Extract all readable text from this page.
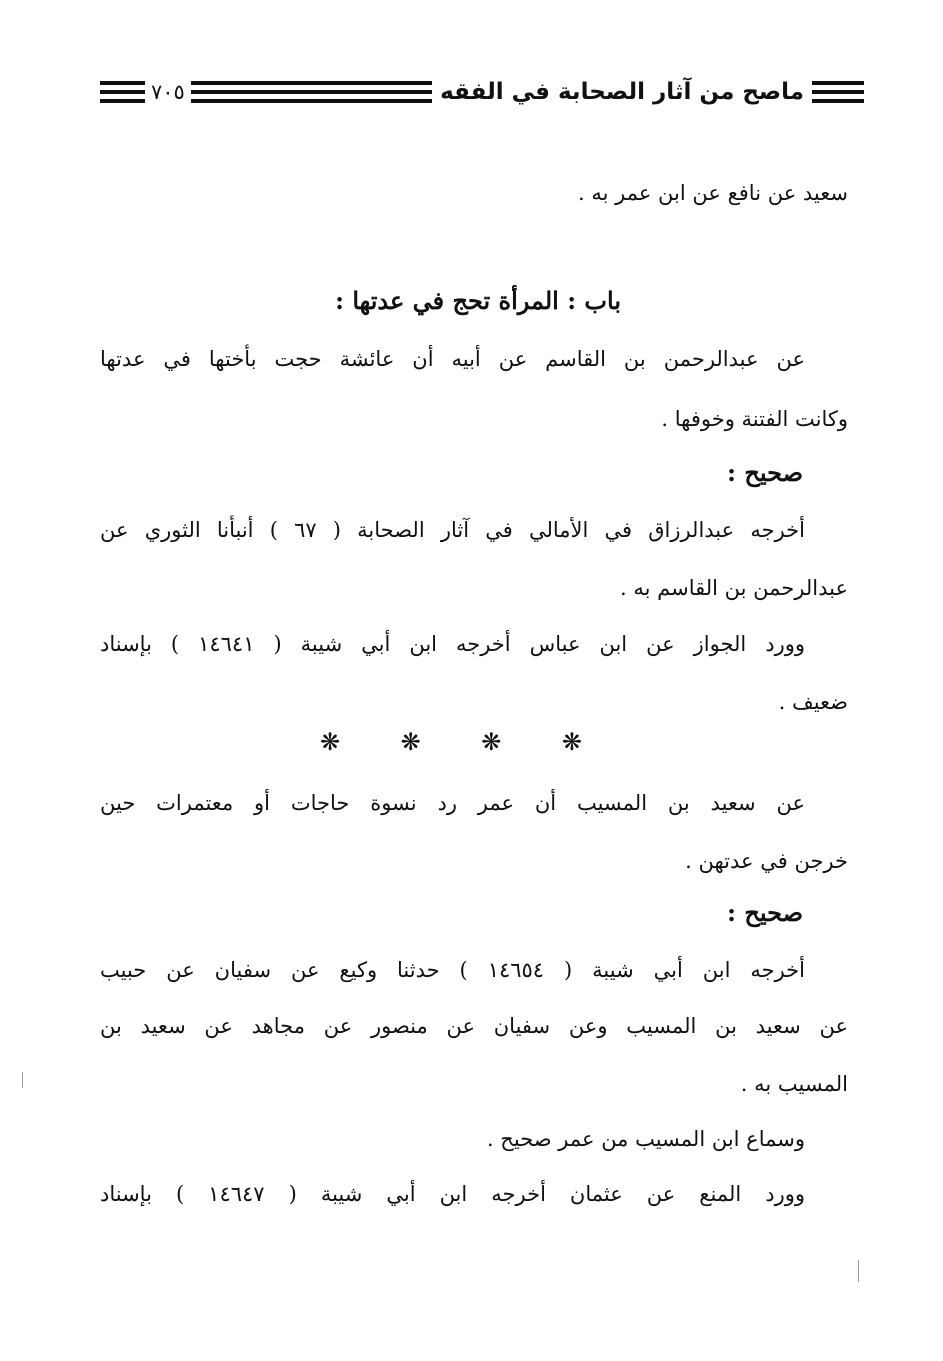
ماصح من آثار الصحابة في الفقه
٧٠٥
سعيد عن نافع عن ابن عمر به .
باب : المرأة تحج في عدتها :
عن عبدالرحمن بن القاسم عن أبيه أن عائشة حجت بأختها في عدتها
وكانت الفتنة وخوفها .
صحيح :
أخرجه عبدالرزاق في الأمالي في آثار الصحابة ( ٦٧ ) أنبأنا الثوري عن
عبدالرحمن بن القاسم به .
وورد الجواز عن ابن عباس أخرجه ابن أبي شيبة ( ١٤٦٤١ ) بإسناد
ضعيف .
❋	❋	❋	❋
عن سعيد بن المسيب أن عمر رد نسوة حاجات أو معتمرات حين
خرجن في عدتهن .
صحيح :
أخرجه ابن أبي شيبة ( ١٤٦٥٤ ) حدثنا وكيع عن سفيان عن حبيب
عن سعيد بن المسيب وعن سفيان عن منصور عن مجاهد عن سعيد بن
المسيب به .
وسماع ابن المسيب من عمر صحيح .
وورد المنع عن عثمان أخرجه ابن أبي شيبة ( ١٤٦٤٧ ) بإسناد
